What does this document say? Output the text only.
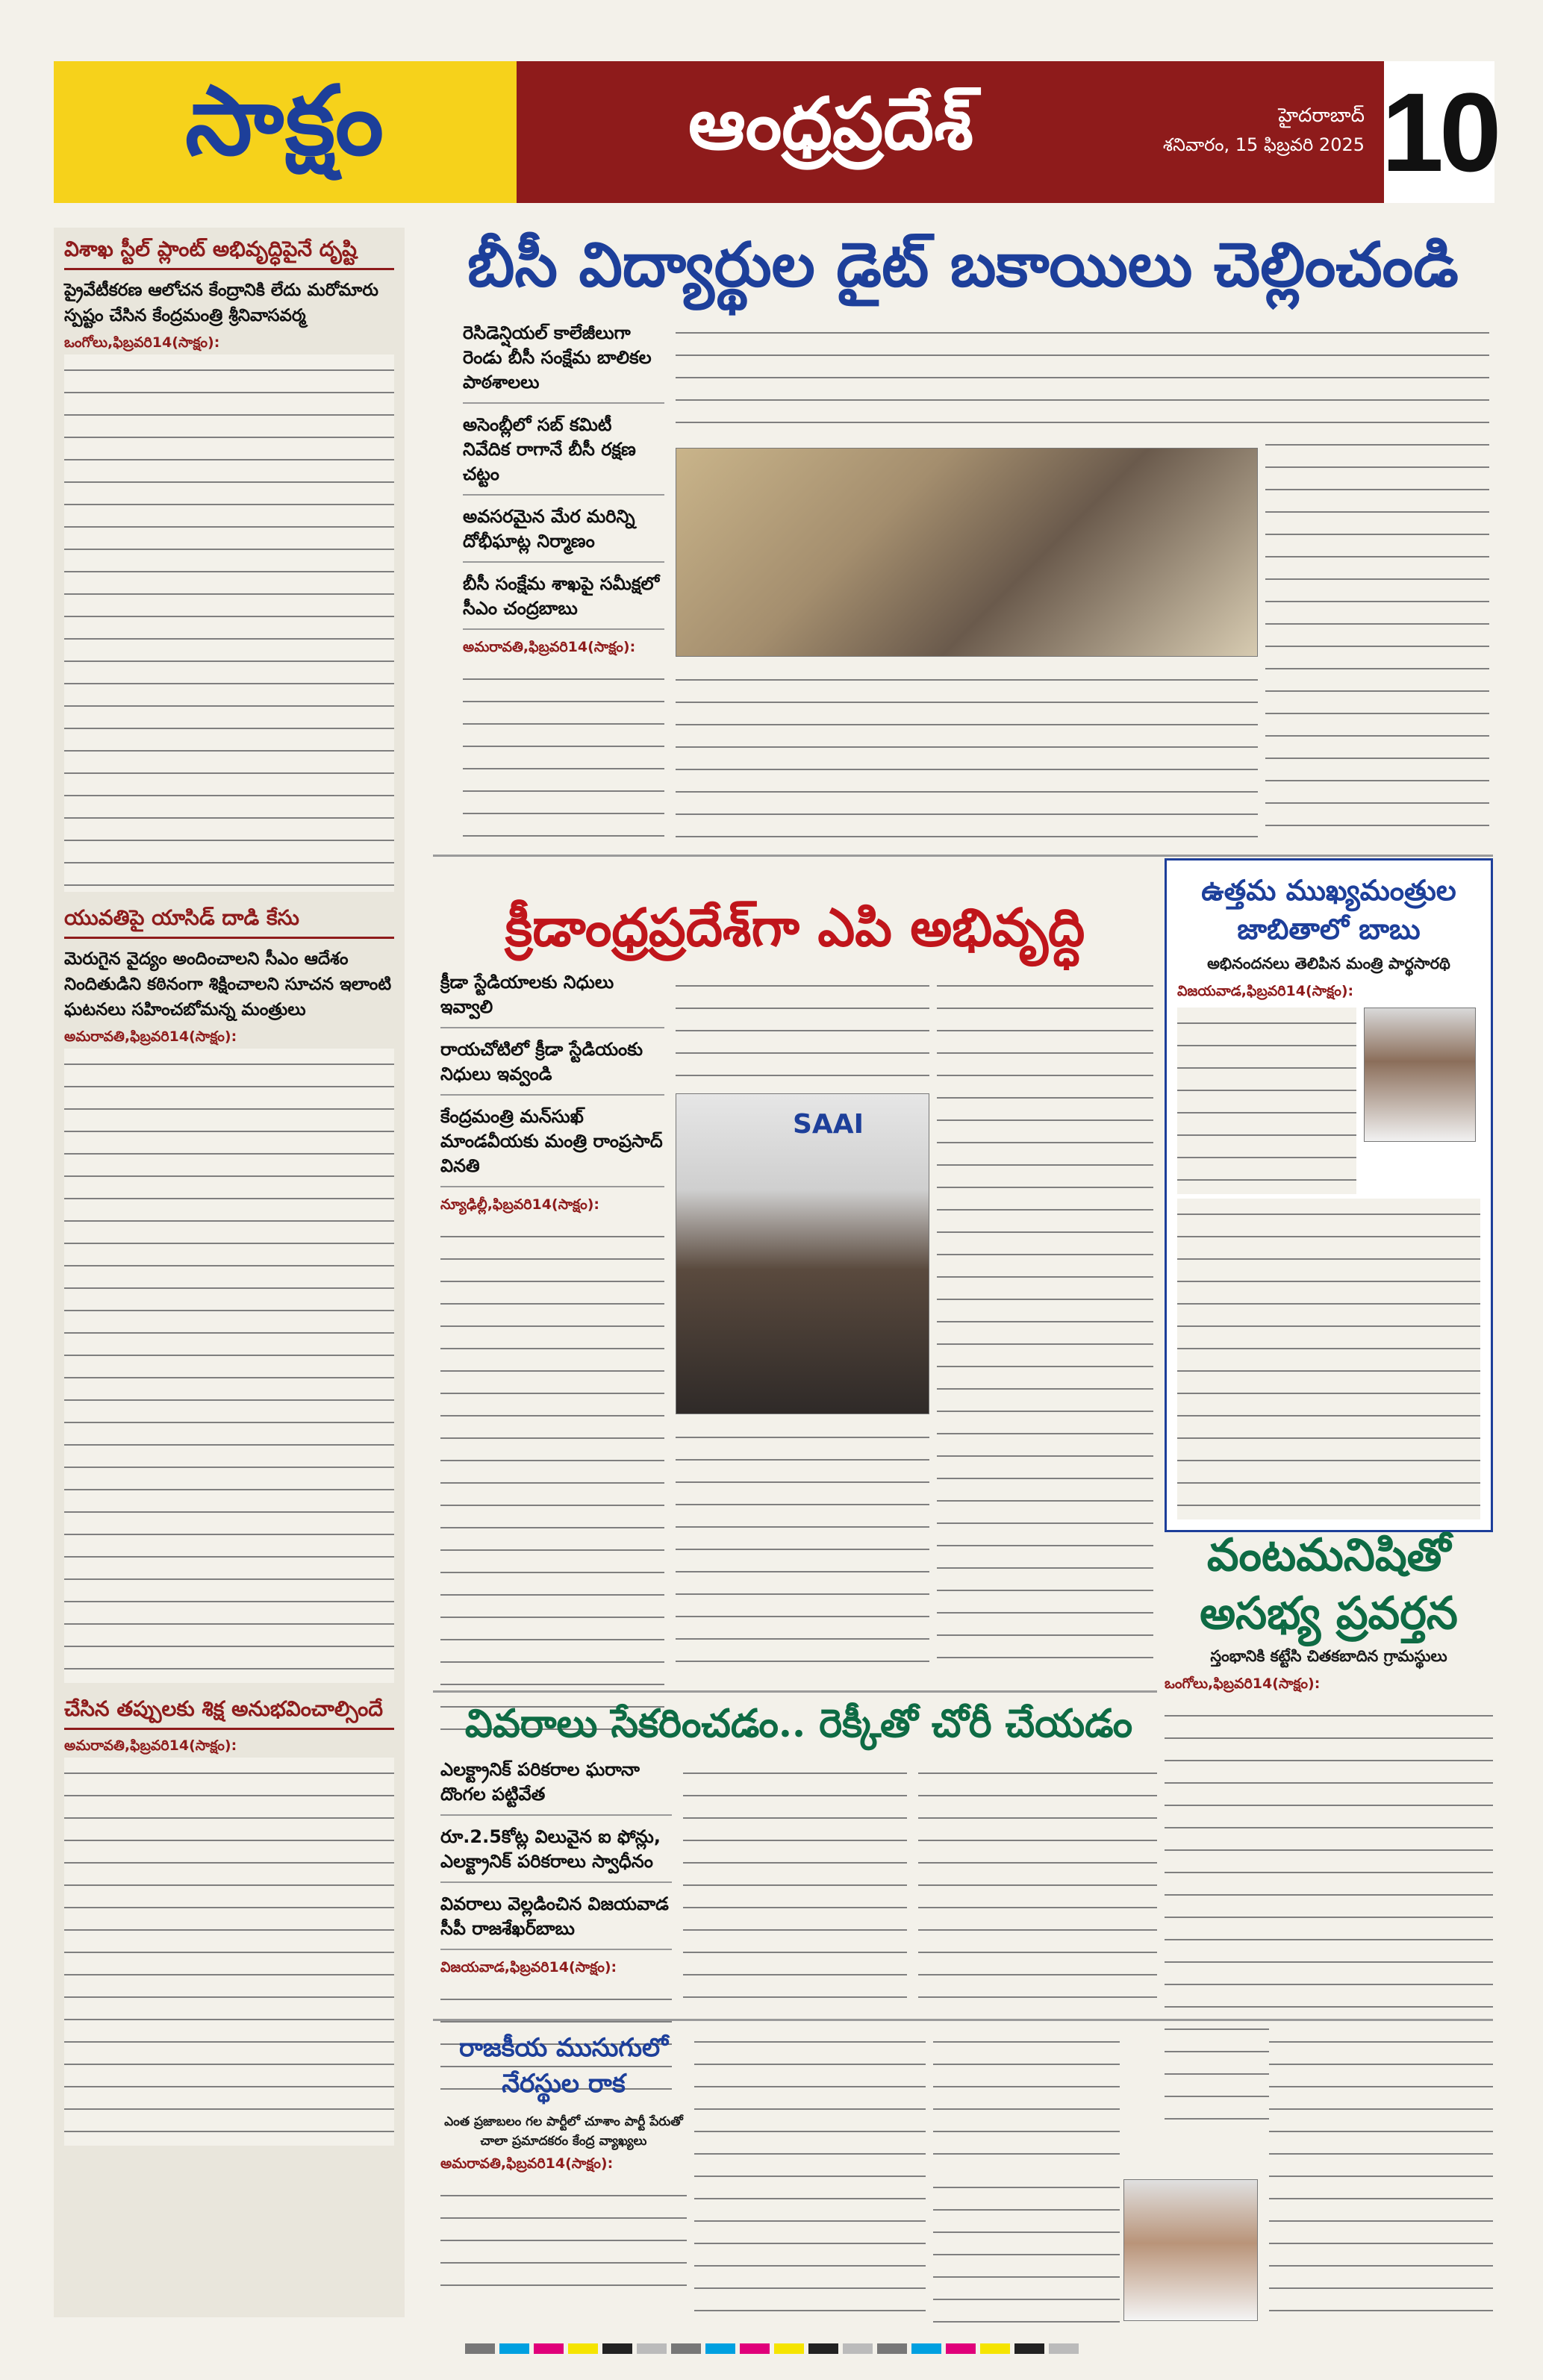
సాక్షం	ఆంధ్రప్రదేశ్	హైదరాబాద్
శనివారం, 15 ఫిబ్రవరి 2025 10
విశాఖ స్టీల్ ప్లాంట్ అభివృద్ధిపైనే దృష్టి
ప్రైవేటీకరణ ఆలోచన కేంద్రానికి లేదు మరోమారు స్పష్టం చేసిన కేంద్రమంత్రి శ్రీనివాసవర్మ
ఒంగోలు,ఫిబ్రవరి14(సాక్షం):
యువతిపై యాసిడ్ దాడి కేసు
మెరుగైన వైద్యం అందించాలని సీఎం ఆదేశం నిందితుడిని కఠినంగా శిక్షించాలని సూచన ఇలాంటి ఘటనలు సహించబోమన్న మంత్రులు
అమరావతి,ఫిబ్రవరి14(సాక్షం):
చేసిన తప్పులకు శిక్ష అనుభవించాల్సిందే
అమరావతి,ఫిబ్రవరి14(సాక్షం):
బీసీ విద్యార్థుల డైట్ బకాయిలు చెల్లించండి
రెసిడెన్షియల్ కాలేజీలుగా రెండు బీసీ సంక్షేమ బాలికల పాఠశాలలు
అసెంబ్లీలో సబ్ కమిటీ నివేదిక రాగానే బీసీ రక్షణ చట్టం
అవసరమైన మేర మరిన్ని దోభీఘాట్ల నిర్మాణం
బీసీ సంక్షేమ శాఖపై సమీక్షలో సీఎం చంద్రబాబు
అమరావతి,ఫిబ్రవరి14(సాక్షం):
క్రీడాంధ్రప్రదేశ్‌గా ఎపి అభివృద్ధి
క్రీడా స్టేడియాలకు నిధులు ఇవ్వాలి
రాయచోటిలో క్రీడా స్టేడియంకు నిధులు ఇవ్వండి
కేంద్రమంత్రి మన్‌సుఖ్ మాండవీయకు మంత్రి రాంప్రసాద్ వినతి
న్యూఢిల్లీ,ఫిబ్రవరి14(సాక్షం):
SAAI
ఉత్తమ ముఖ్యమంత్రుల జాబితాలో బాబు
అభినందనలు తెలిపిన మంత్రి పార్థసారథి
విజయవాడ,ఫిబ్రవరి14(సాక్షం):
వివరాలు సేకరించడం.. రెక్కీతో చోరీ చేయడం
ఎలక్ట్రానిక్ పరికరాల ఘరానా దొంగల పట్టివేత
రూ.2.5కోట్ల విలువైన ఐ ఫోన్లు, ఎలక్ట్రానిక్ పరికరాలు స్వాధీనం
వివరాలు వెల్లడించిన విజయవాడ సీపీ రాజశేఖర్‌బాబు
విజయవాడ,ఫిబ్రవరి14(సాక్షం):
వంటమనిషితో అసభ్య ప్రవర్తన
స్తంభానికి కట్టేసి చితకబాదిన గ్రామస్థులు
ఒంగోలు,ఫిబ్రవరి14(సాక్షం):
రాజకీయ ముసుగులో నేరస్థుల రాక
ఎంత ప్రజాబలం గల పార్టీలో చూశాం పార్టీ పేరుతో చాలా ప్రమాదకరం కేంద్ర వ్యాఖ్యలు
అమరావతి,ఫిబ్రవరి14(సాక్షం):
